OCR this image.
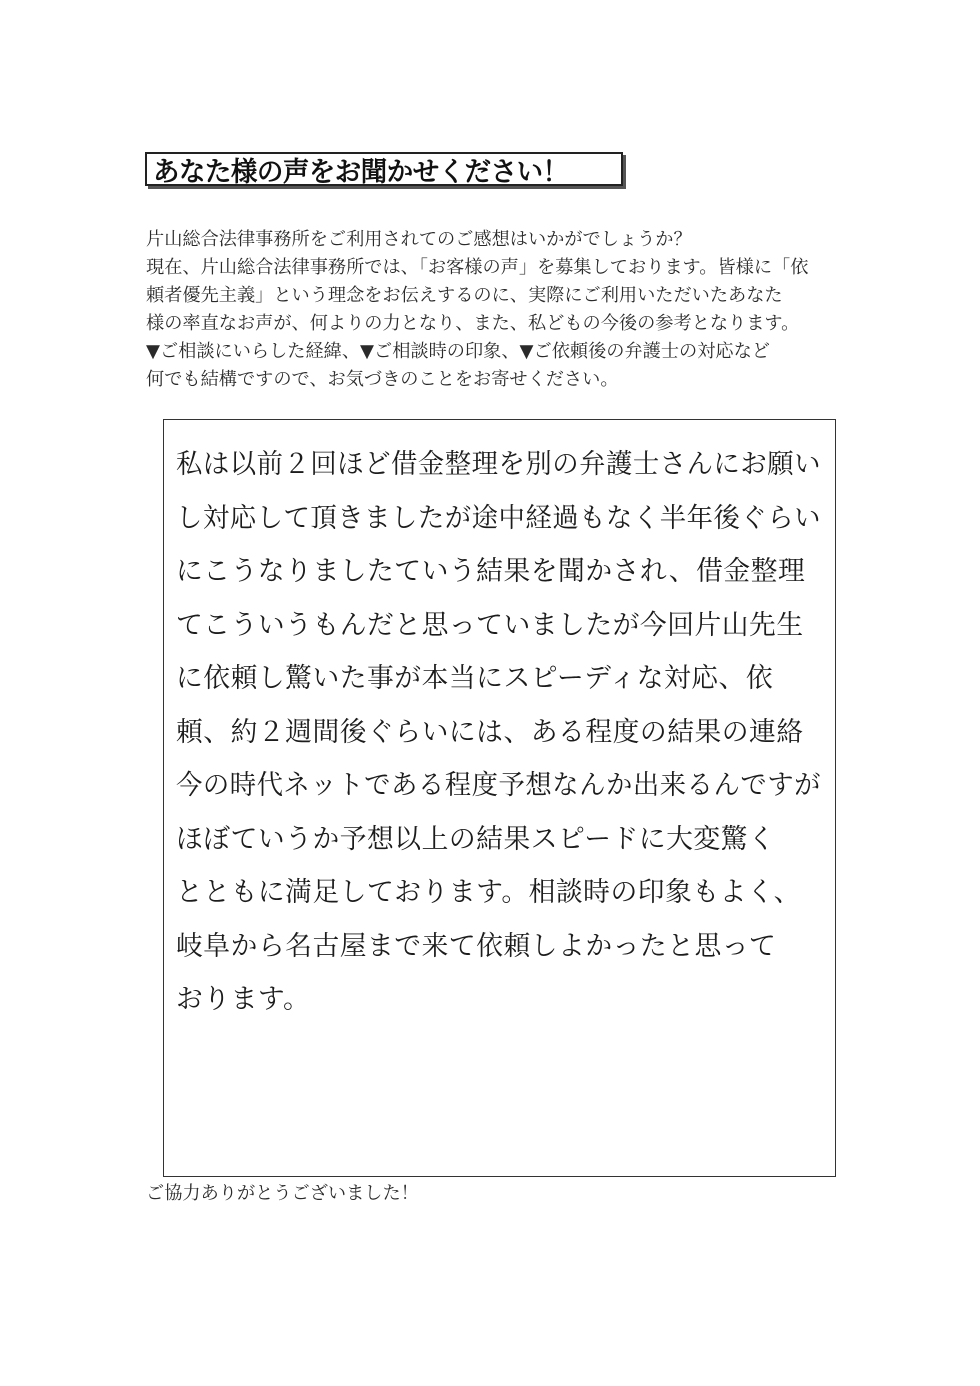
あなた様の声をお聞かせください！
片山総合法律事務所をご利用されてのご感想はいかがでしょうか？
現在、片山総合法律事務所では、「お客様の声」を募集しております。皆様に「依
頼者優先主義」という理念をお伝えするのに、実際にご利用いただいたあなた
様の率直なお声が、何よりの力となり、また、私どもの今後の参考となります。
▼ご相談にいらした経緯、▼ご相談時の印象、▼ご依頼後の弁護士の対応など
何でも結構ですので、お気づきのことをお寄せください。
私は以前２回ほど借金整理を別の弁護士さんにお願い
し対応して頂きましたが途中経過もなく半年後ぐらい
にこうなりましたていう結果を聞かされ、借金整理
てこういうもんだと思っていましたが今回片山先生
に依頼し驚いた事が本当にスピーディな対応、依
頼、約２週間後ぐらいには、ある程度の結果の連絡
今の時代ネットである程度予想なんか出来るんですが
ほぼていうか予想以上の結果スピードに大変驚く
とともに満足しております。相談時の印象もよく、
岐阜から名古屋まで来て依頼しよかったと思って
おります。
ご協力ありがとうございました！
